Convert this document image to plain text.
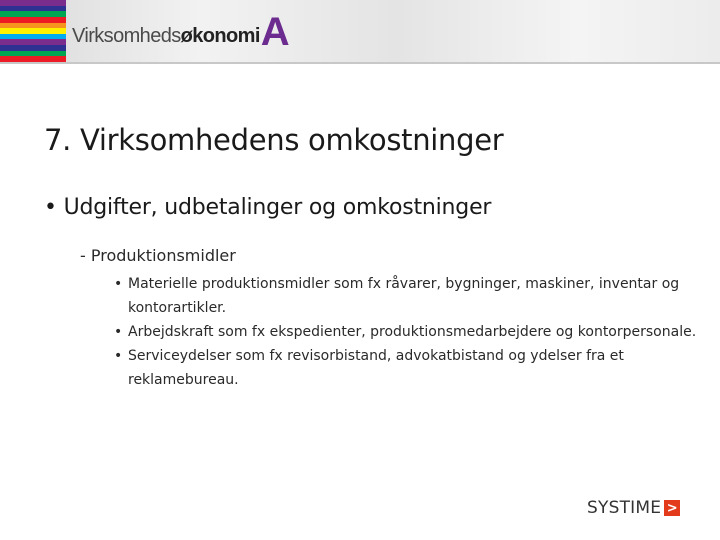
Virksomhedsøkonomi A
7. Virksomhedens omkostninger
• Udgifter, udbetalinger og omkostninger
- Produktionsmidler
• Materielle produktionsmidler som fx råvarer, bygninger, maskiner, inventar og kontorartikler.
• Arbejdskraft som fx ekspedienter, produktionsmedarbejdere og kontorpersonale.
• Serviceydelser som fx revisorbistand, advokatbistand og ydelser fra et reklamebureau.
SYSTIME >
